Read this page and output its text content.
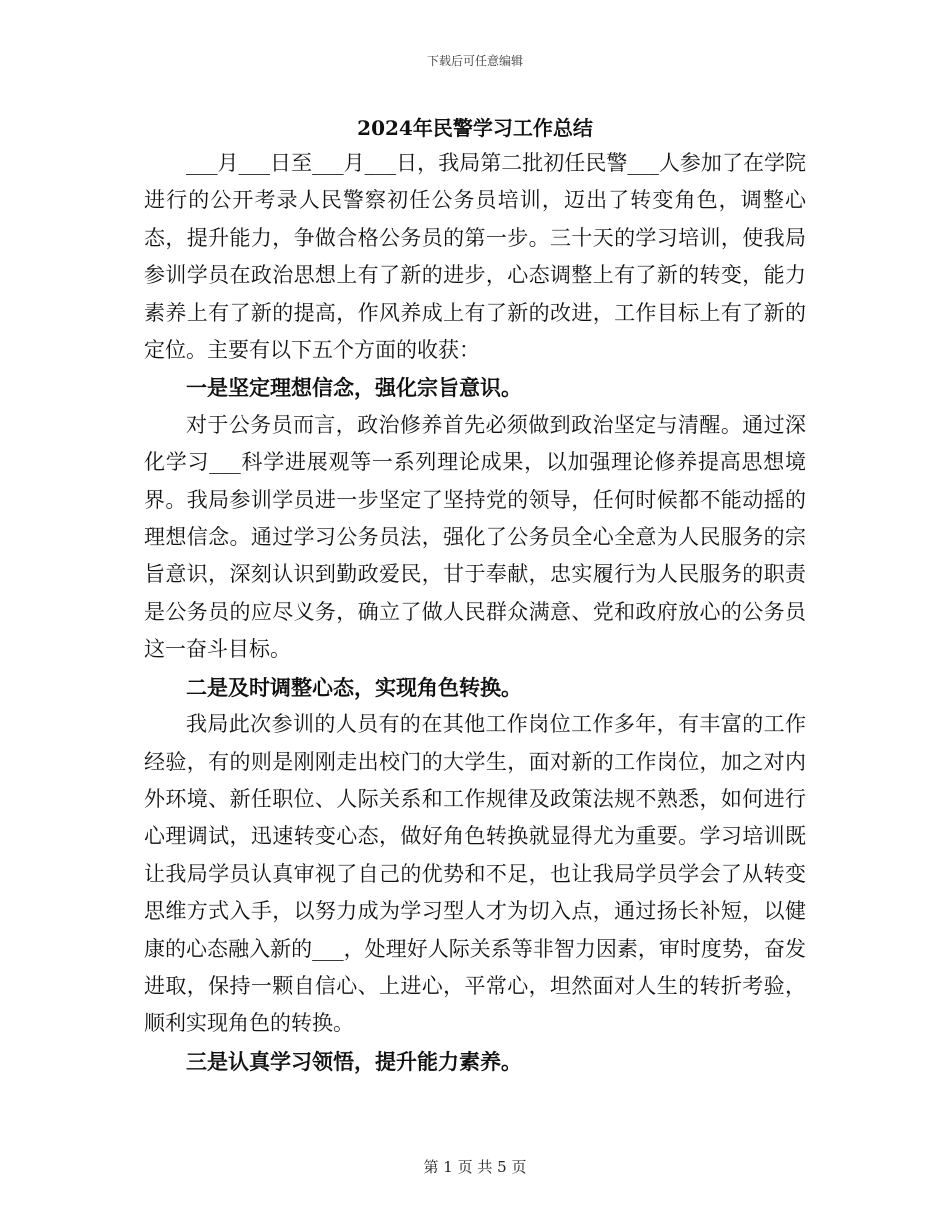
下载后可任意编辑
2024年民警学习工作总结

___月___日至___月___日，我局第二批初任民警___人参加了在学院进行的公开考录人民警察初任公务员培训，迈出了转变角色，调整心态，提升能力，争做合格公务员的第一步。三十天的学习培训，使我局参训学员在政治思想上有了新的进步，心态调整上有了新的转变，能力素养上有了新的提高，作风养成上有了新的改进，工作目标上有了新的定位。主要有以下五个方面的收获：

一是坚定理想信念，强化宗旨意识。

对于公务员而言，政治修养首先必须做到政治坚定与清醒。通过深化学习___科学进展观等一系列理论成果，以加强理论修养提高思想境界。我局参训学员进一步坚定了坚持党的领导，任何时候都不能动摇的理想信念。通过学习公务员法，强化了公务员全心全意为人民服务的宗旨意识，深刻认识到勤政爱民，甘于奉献，忠实履行为人民服务的职责是公务员的应尽义务，确立了做人民群众满意、党和政府放心的公务员这一奋斗目标。

二是及时调整心态，实现角色转换。

我局此次参训的人员有的在其他工作岗位工作多年，有丰富的工作经验，有的则是刚刚走出校门的大学生，面对新的工作岗位，加之对内外环境、新任职位、人际关系和工作规律及政策法规不熟悉，如何进行心理调试，迅速转变心态，做好角色转换就显得尤为重要。学习培训既让我局学员认真审视了自己的优势和不足，也让我局学员学会了从转变思维方式入手，以努力成为学习型人才为切入点，通过扬长补短，以健康的心态融入新的___，处理好人际关系等非智力因素，审时度势，奋发进取，保持一颗自信心、上进心，平常心，坦然面对人生的转折考验，顺利实现角色的转换。

三是认真学习领悟，提升能力素养。

第 1 页 共 5 页
